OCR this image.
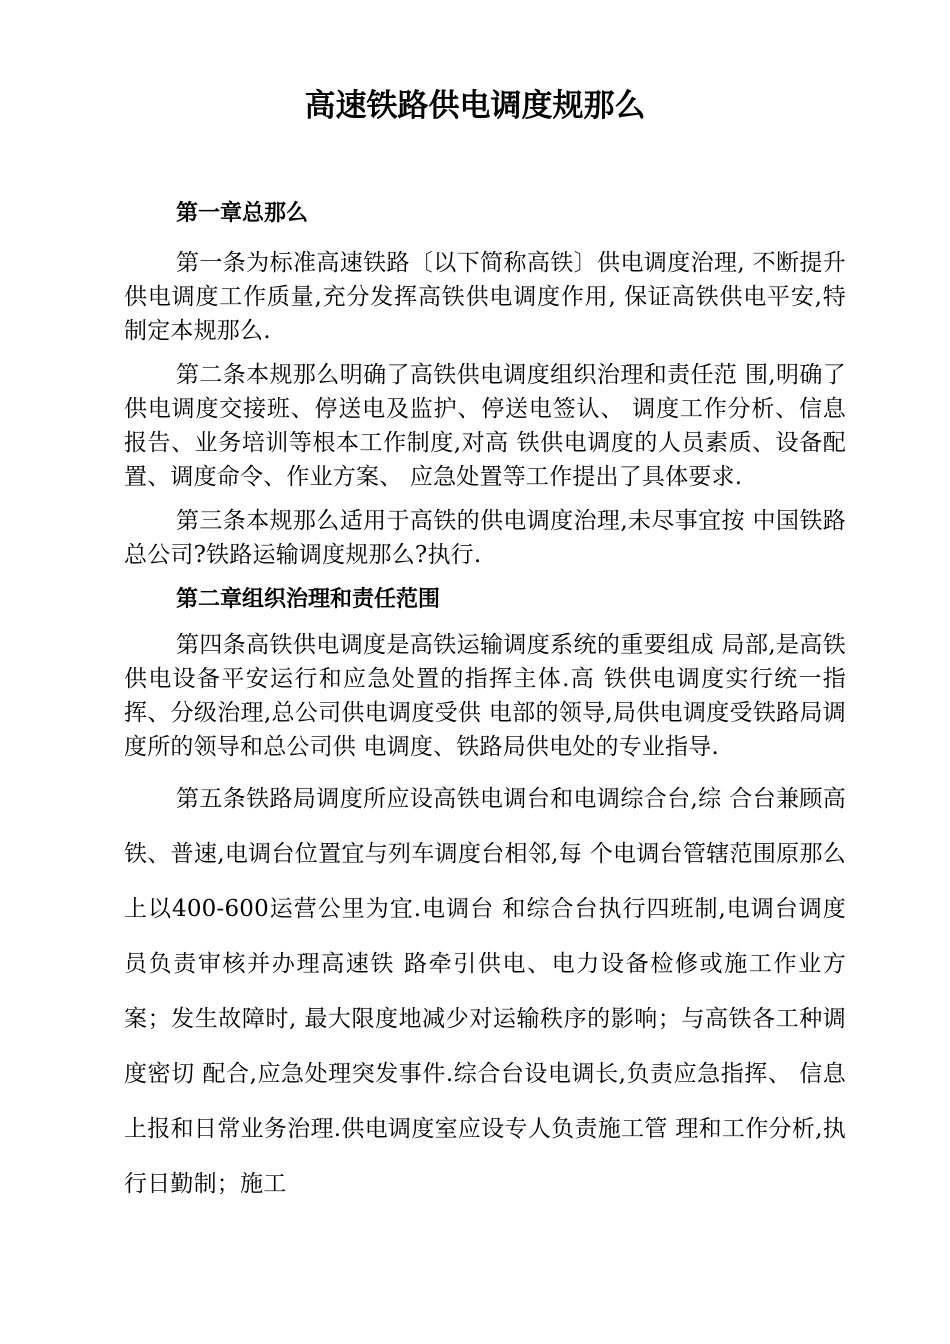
高速铁路供电调度规那么
第一章总那么

第一条为标准高速铁路〔以下简称高铁〕供电调度治理, 不断提升供电调度工作质量,充分发挥高铁供电调度作用, 保证高铁供电平安,特制定本规那么.

第二条本规那么明确了高铁供电调度组织治理和责任范 围,明确了供电调度交接班、停送电及监护、停送电签认、 调度工作分析、信息报告、业务培训等根本工作制度,对高 铁供电调度的人员素质、设备配置、调度命令、作业方案、 应急处置等工作提出了具体要求.

第三条本规那么适用于高铁的供电调度治理,未尽事宜按 中国铁路总公司?铁路运输调度规那么?执行.

第二章组织治理和责任范围

第四条高铁供电调度是高铁运输调度系统的重要组成 局部,是高铁供电设备平安运行和应急处置的指挥主体.高 铁供电调度实行统一指挥、分级治理,总公司供电调度受供 电部的领导,局供电调度受铁路局调度所的领导和总公司供 电调度、铁路局供电处的专业指导.

第五条铁路局调度所应设高铁电调台和电调综合台,综 合台兼顾高铁、普速,电调台位置宜与列车调度台相邻,每 个电调台管辖范围原那么上以400-600运营公里为宜.电调台 和综合台执行四班制,电调台调度员负责审核并办理高速铁 路牵引供电、电力设备检修或施工作业方案；发生故障时, 最大限度地减少对运输秩序的影响；与高铁各工种调度密切 配合,应急处理突发事件.综合台设电调长,负责应急指挥、 信息上报和日常业务治理.供电调度室应设专人负责施工管 理和工作分析,执行日勤制；施工
